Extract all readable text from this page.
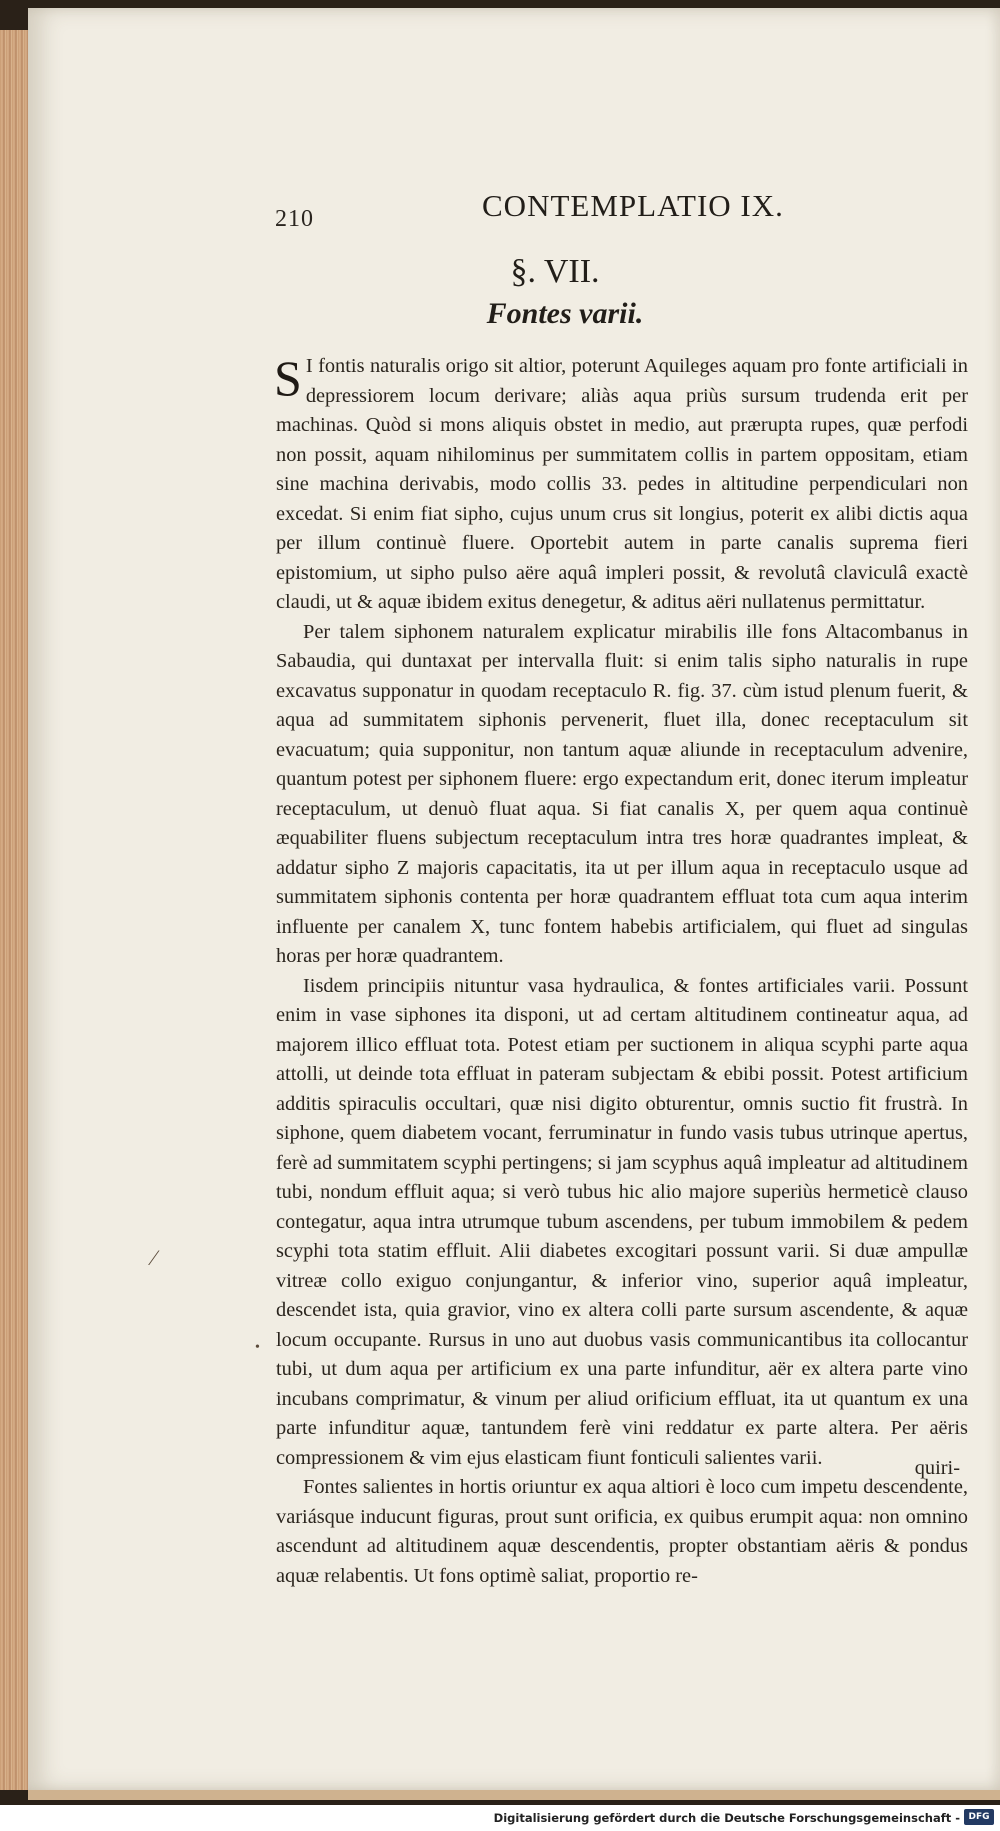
210	CONTEMPLATIO IX.
§. VII.
Fontes varii.

S I fontis naturalis origo sit altior, poterunt Aquileges aquam pro fonte artificiali in depressiorem locum derivare; aliàs aqua priùs sursum trudenda erit per machinas. Quòd si mons aliquis obstet in medio, aut prærupta rupes, quæ perfodi non possit, aquam nihilominus per summitatem collis in partem oppositam, etiam sine machina derivabis, modo collis 33. pedes in altitudine perpendiculari non excedat. Si enim fiat sipho, cujus unum crus sit longius, poterit ex alibi dictis aqua per illum continuè fluere. Oportebit autem in parte canalis suprema fieri epistomium, ut sipho pulso aëre aquâ impleri possit, & revolutâ claviculâ exactè claudi, ut & aquæ ibidem exitus denegetur, & aditus aëri nullatenus permittatur.

Per talem siphonem naturalem explicatur mirabilis ille fons Altacombanus in Sabaudia, qui duntaxat per intervalla fluit: si enim talis sipho naturalis in rupe excavatus supponatur in quodam receptaculo R. fig. 37. cùm istud plenum fuerit, & aqua ad summitatem siphonis pervenerit, fluet illa, donec receptaculum sit evacuatum; quia supponitur, non tantum aquæ aliunde in receptaculum advenire, quantum potest per siphonem fluere: ergo expectandum erit, donec iterum impleatur receptaculum, ut denuò fluat aqua. Si fiat canalis X, per quem aqua continuè æquabiliter fluens subjectum receptaculum intra tres horæ quadrantes impleat, & addatur sipho Z majoris capacitatis, ita ut per illum aqua in receptaculo usque ad summitatem siphonis contenta per horæ quadrantem effluat tota cum aqua interim influente per canalem X, tunc fontem habebis artificialem, qui fluet ad singulas horas per horæ quadrantem.

Iisdem principiis nituntur vasa hydraulica, & fontes artificiales varii. Possunt enim in vase siphones ita disponi, ut ad certam altitudinem contineatur aqua, ad majorem illico effluat tota. Potest etiam per suctionem in aliqua scyphi parte aqua attolli, ut deinde tota effluat in pateram subjectam & ebibi possit. Potest artificium additis spiraculis occultari, quæ nisi digito obturentur, omnis suctio fit frustrà. In siphone, quem diabetem vocant, ferruminatur in fundo vasis tubus utrinque apertus, ferè ad summitatem scyphi pertingens; si jam scyphus aquâ impleatur ad altitudinem tubi, nondum effluit aqua; si verò tubus hic alio majore superiùs hermeticè clauso contegatur, aqua intra utrumque tubum ascendens, per tubum immobilem & pedem scyphi tota statim effluit. Alii diabetes excogitari possunt varii. Si duæ ampullæ vitreæ collo exiguo conjungantur, & inferior vino, superior aquâ impleatur, descendet ista, quia gravior, vino ex altera colli parte sursum ascendente, & aquæ locum occupante. Rursus in uno aut duobus vasis communicantibus ita collocantur tubi, ut dum aqua per artificium ex una parte infunditur, aër ex altera parte vino incubans comprimatur, & vinum per aliud orificium effluat, ita ut quantum ex una parte infunditur aquæ, tantundem ferè vini reddatur ex parte altera. Per aëris compressionem & vim ejus elasticam fiunt fonticuli salientes varii.

Fontes salientes in hortis oriuntur ex aqua altiori è loco cum impetu descendente, variásque inducunt figuras, prout sunt orificia, ex quibus erumpit aqua: non omnino ascendunt ad altitudinem aquæ descendentis, propter obstantiam aëris & pondus aquæ relabentis. Ut fons optimè saliat, proportio re-

quiri-
⁄
•
Digitalisierung gefördert durch die Deutsche Forschungsgemeinschaft - DFG
